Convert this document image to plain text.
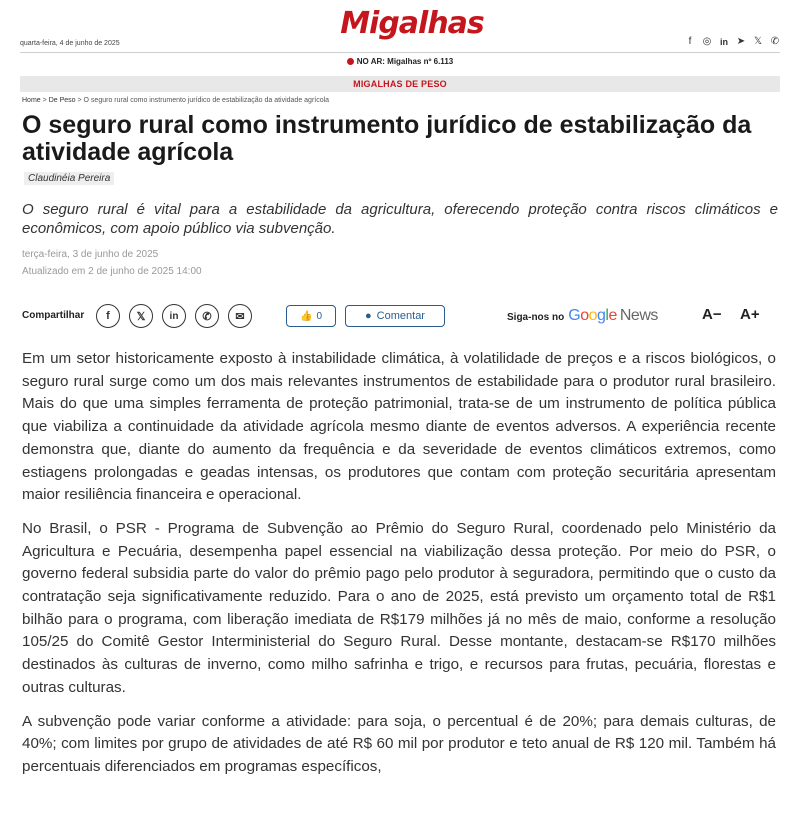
quarta-feira, 4 de junho de 2025
Migalhas
f	◎ in ➤ 𝕏 ✆
NO AR: Migalhas nº 6.113
MIGALHAS DE PESO
Home > De Peso > O seguro rural como instrumento jurídico de estabilização da atividade agrícola
O seguro rural como instrumento jurídico de estabilização da atividade agrícola
Claudinéia Pereira
O seguro rural é vital para a estabilidade da agricultura, oferecendo proteção contra riscos climáticos e econômicos, com apoio público via subvenção.
terça-feira, 3 de junho de 2025
Atualizado em 2 de junho de 2025 14:00
Compartilhar	f	𝕏	in	✆	✉	👍 0	● Comentar	Siga-nos no Google News	A− A+

Em um setor historicamente exposto à instabilidade climática, à volatilidade de preços e a riscos biológicos, o seguro rural surge como um dos mais relevantes instrumentos de estabilidade para o produtor rural brasileiro. Mais do que uma simples ferramenta de proteção patrimonial, trata-se de um instrumento de política pública que viabiliza a continuidade da atividade agrícola mesmo diante de eventos adversos. A experiência recente demonstra que, diante do aumento da frequência e da severidade de eventos climáticos extremos, como estiagens prolongadas e geadas intensas, os produtores que contam com proteção securitária apresentam maior resiliência financeira e operacional.

No Brasil, o PSR - Programa de Subvenção ao Prêmio do Seguro Rural, coordenado pelo Ministério da Agricultura e Pecuária, desempenha papel essencial na viabilização dessa proteção. Por meio do PSR, o governo federal subsidia parte do valor do prêmio pago pelo produtor à seguradora, permitindo que o custo da contratação seja significativamente reduzido. Para o ano de 2025, está previsto um orçamento total de R$1 bilhão para o programa, com liberação imediata de R$179 milhões já no mês de maio, conforme a resolução 105/25 do Comitê Gestor Interministerial do Seguro Rural. Desse montante, destacam-se R$170 milhões destinados às culturas de inverno, como milho safrinha e trigo, e recursos para frutas, pecuária, florestas e outras culturas.

A subvenção pode variar conforme a atividade: para soja, o percentual é de 20%; para demais culturas, de 40%; com limites por grupo de atividades de até R$ 60 mil por produtor e teto anual de R$ 120 mil. Também há percentuais diferenciados em programas específicos,
